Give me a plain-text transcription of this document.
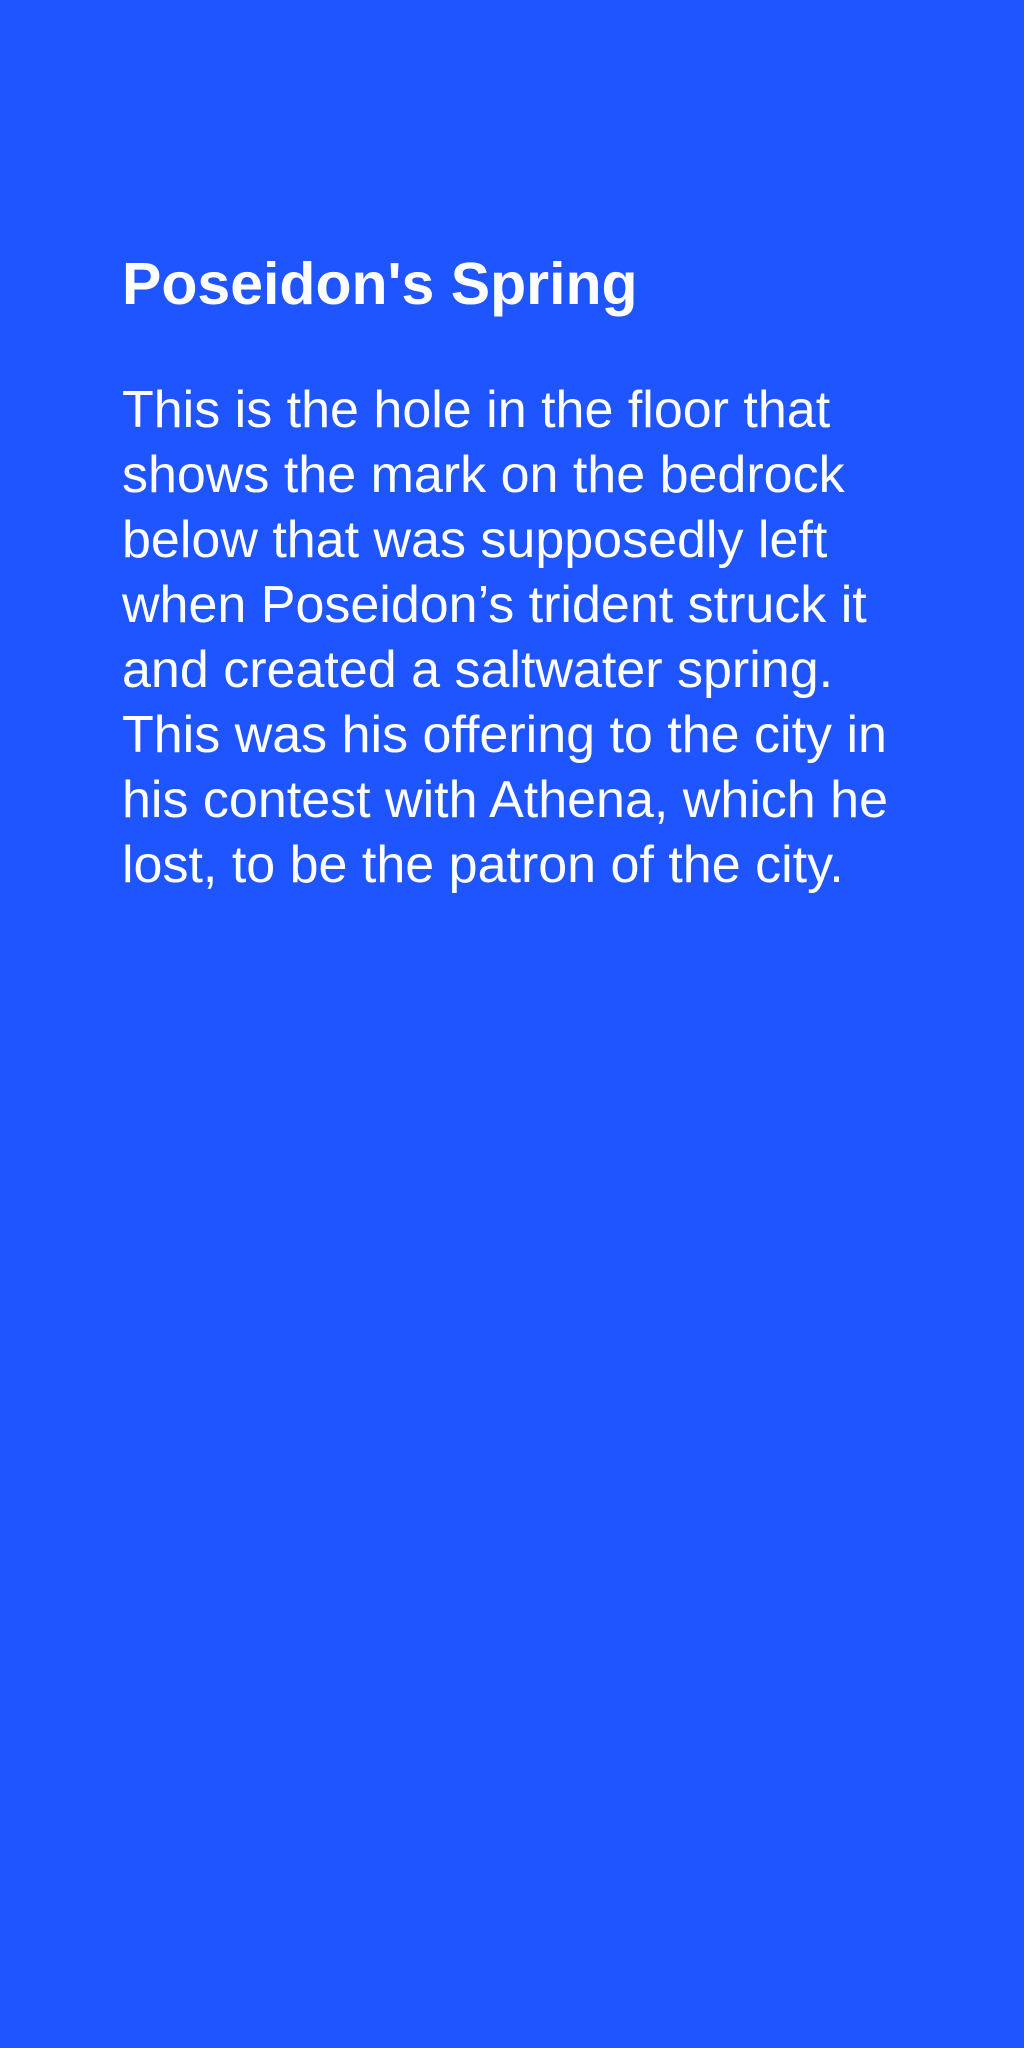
Poseidon's Spring

This is the hole in the floor that shows the mark on the bedrock below that was supposedly left when Poseidon’s trident struck it and created a saltwater spring. This was his offering to the city in his contest with Athena, which he lost, to be the patron of the city.
